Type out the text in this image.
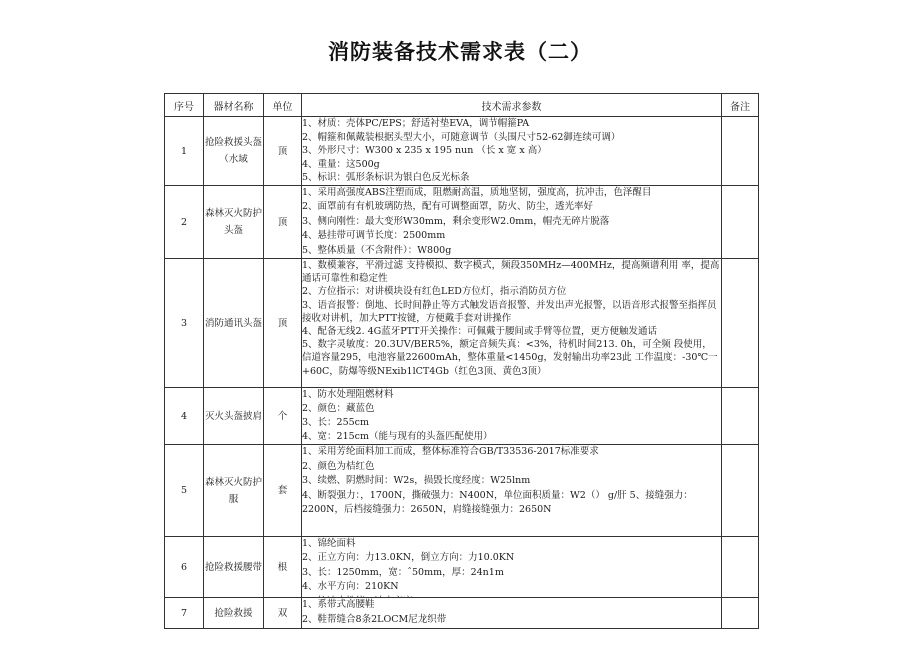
消防装备技术需求表（二）
序号	器材名称	单位	技术需求参数	备注
1	抢险救援头盔（水域	顶	1、材质：壳体PC/EPS；舒适衬垫EVA，调节帽箍PA
2、帽箍和佩戴装根据头型大小，可随意调节（头围尺寸52-62御连续可调）
3、外形尺寸：W300 x 235 x 195 nun （长 x 宽 x 高）
4、重量：这500g
5、标识：弧形条标识为银白色反光标条	

2	森林灭火防护头盔	顶	1、采用高强度ABS注塑而成，阻燃耐高温，质地坚韧，强度高，抗冲击，色泽醒目
2、面罩前有有机玻璃防热，配有可调整面罩，防火、防尘，透光率好
3、侧向刚性：最大变形W30mm，剩余变形W2.0mm，帽壳无碎片脱落
4、悬挂带可调节长度：2500mm
5、整体质量（不含附件）：W800g	

3	消防通讯头盔	顶	1、数模兼容，平滑过滤 支持模拟、数字模式，频段350MHz—400MHz，提高频谱利用 率，提高通话可靠性和稳定性
2、方位指示：对讲模块设有红色LED方位灯，指示消防员方位
3、语音报警：倒地、长时间静止等方式触发语音报警、并发出声光报警，以语音形式报警至指挥员接收对讲机，加大PTT按键，方便戴手套对讲操作
4、配备无线2. 4G蓝牙PTT开关操作：可佩戴于腰间或手臂等位置，更方便触发通话
5、数字灵敏度：20.3UV/BER5%，额定音频失真：<3%，待机时间213. 0h，可全频 段使用，信道容量295，电池容量22600mAh，整体重量<1450g，发射输出功率23此 工作温度：-30℃一+60C，防爆等级NExib1lCT4Gb（红色3顶、黄色3顶）	

4	灭火头盔披肩	个	1、防水处理阻燃材料
2、颜色：藏蓝色
3、长：255cm
4、宽：215cm（能与现有的头盔匹配使用）	

5	森林灭火防护服	套	1、采用芳纶面料加工而成，整体标准符合GB/T33536-2017标准要求
2、颜色为桔红色
3、续燃、阴燃时间：W2s，损毁长度经度：W25lnm
4、断裂强力：，1700N，撕破强力：N400N，单位面积质量：W2（） g/肝 5、接缝强力：2200N，后档接缝强力：2650N，肩缝接缝强力：2650N	

6	抢险救援腰带	根	1、锦纶面料
2、正立方向：力13.0KN，倒立方向：力10.0KN
3、长：1250mm，宽：ˆ50mm，厚：24n1m
4、水平方向：210KN	

7	抢险救援	双	1、系带式高腰鞋
2、鞋帮缝合8条2LOCM尼龙织带	
